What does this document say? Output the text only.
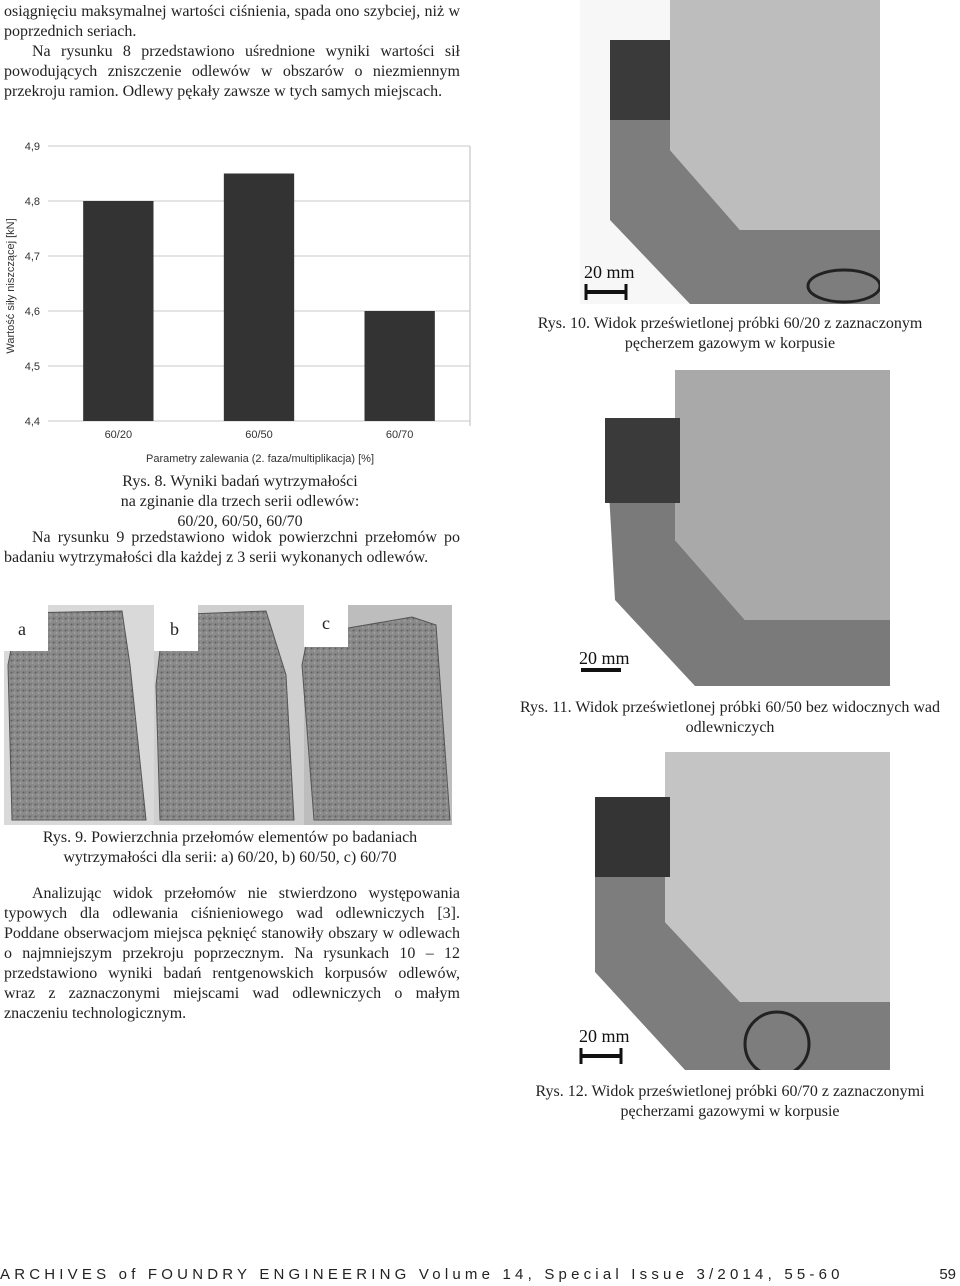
osiągnięciu maksymalnej wartości ciśnienia, spada ono szybciej, niż w poprzednich seriach.
Na rysunku 8 przedstawiono uśrednione wyniki wartości sił powodujących zniszczenie odlewów w obszarów o niezmiennym przekroju ramion. Odlewy pękały zawsze w tych samych miejscach.
4,4
4,5
4,6
4,7
4,8
4,9
60/20	60/50	60/70
Wartość siły niszczącej [kN]
Parametry zalewania (2. faza/multiplikacja) [%]
Rys. 8. Wyniki badań wytrzymałości na zginanie dla trzech serii odlewów: 60/20, 60/50, 60/70
Na rysunku 9 przedstawiono widok powierzchni przełomów po badaniu wytrzymałości dla każdej z 3 serii wykonanych odlewów.
a	b	c
Rys. 9. Powierzchnia przełomów elementów po badaniach wytrzymałości dla serii: a) 60/20, b) 60/50, c) 60/70
Analizując widok przełomów nie stwierdzono występowania typowych dla odlewania ciśnieniowego wad odlewniczych [3]. Poddane obserwacjom miejsca pęknięć stanowiły obszary w odlewach o najmniejszym przekroju poprzecznym. Na rysunkach 10 – 12 przedstawiono wyniki badań rentgenowskich korpusów odlewów, wraz z zaznaczonymi miejscami wad odlewniczych o małym znaczeniu technologicznym.
20 mm
Rys. 10. Widok prześwietlonej próbki 60/20 z zaznaczonym pęcherzem gazowym w korpusie
20 mm
Rys. 11. Widok prześwietlonej próbki 60/50 bez widocznych wad odlewniczych
20 mm
Rys. 12. Widok prześwietlonej próbki 60/70 z zaznaczonymi pęcherzami gazowymi w korpusie
ARCHIVES of FOUNDRY ENGINEERING Volume 14, Special Issue 3/2014, 55-60	59
